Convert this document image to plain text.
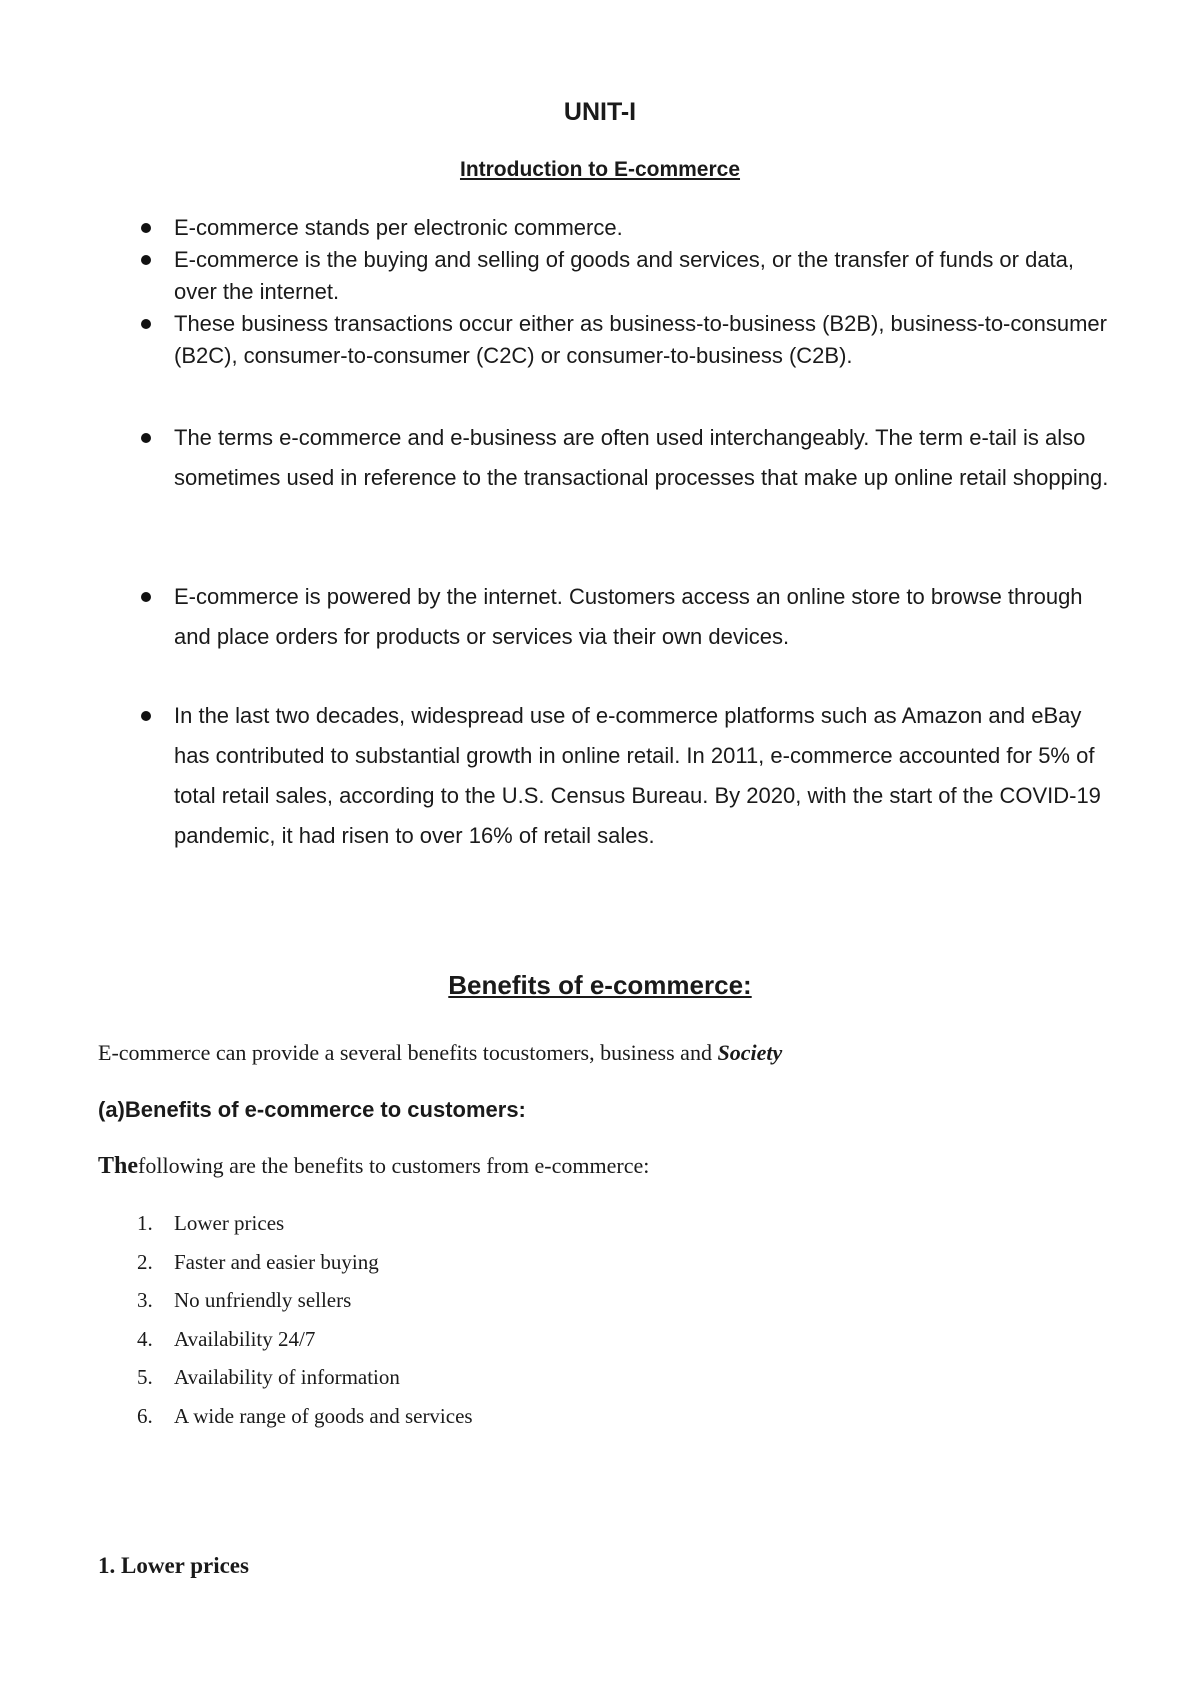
UNIT-I
Introduction to E-commerce
E-commerce stands per electronic commerce.
E-commerce is the buying and selling of goods and services, or the transfer of funds or data, over the internet.
These business transactions occur either as business-to-business (B2B), business-to-consumer (B2C), consumer-to-consumer (C2C) or consumer-to-business (C2B).
The terms e-commerce and e-business are often used interchangeably. The term e-tail is also sometimes used in reference to the transactional processes that make up online retail shopping.
E-commerce is powered by the internet. Customers access an online store to browse through and place orders for products or services via their own devices.
In the last two decades, widespread use of e-commerce platforms such as Amazon and eBay has contributed to substantial growth in online retail. In 2011, e-commerce accounted for 5% of total retail sales, according to the U.S. Census Bureau. By 2020, with the start of the COVID-19 pandemic, it had risen to over 16% of retail sales.
Benefits of e-commerce:
E-commerce can provide a several benefits tocustomers, business and Society
(a)Benefits of e-commerce to customers:
Thefollowing are the benefits to customers from e-commerce:
1. Lower prices
2. Faster and easier buying
3. No unfriendly sellers
4. Availability 24/7
5. Availability of information
6. A wide range of goods and services
1. Lower prices
